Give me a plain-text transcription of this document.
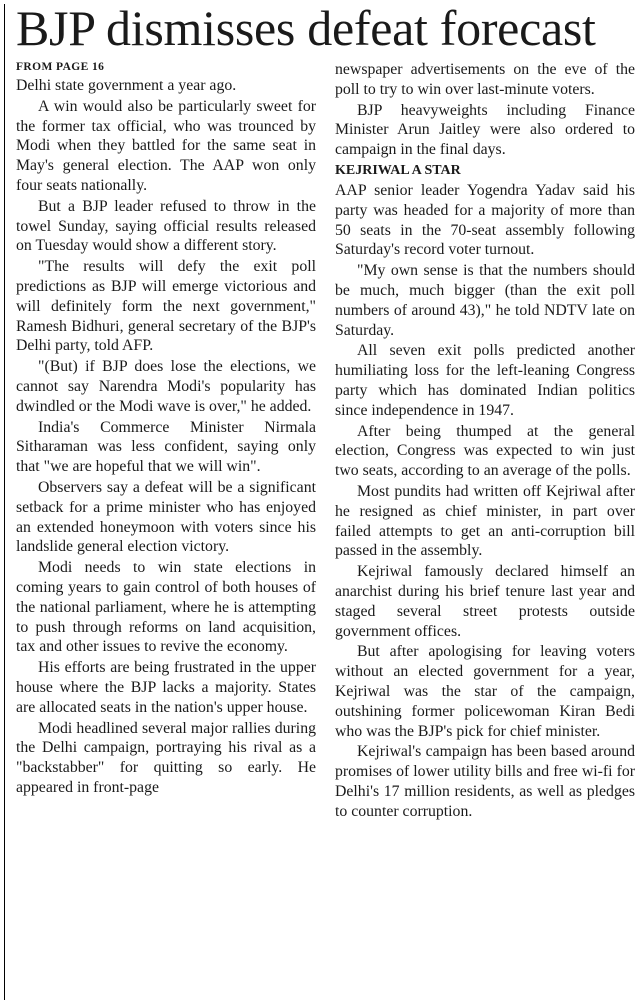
BJP dismisses defeat forecast
FROM PAGE 16

Delhi state government a year ago.

A win would also be particularly sweet for the former tax official, who was trounced by Modi when they battled for the same seat in May's general election. The AAP won only four seats nationally.

But a BJP leader refused to throw in the towel Sunday, saying official results released on Tuesday would show a different story.

"The results will defy the exit poll predictions as BJP will emerge victorious and will definitely form the next government," Ramesh Bidhuri, general secretary of the BJP's Delhi party, told AFP.

"(But) if BJP does lose the elections, we cannot say Narendra Modi's popularity has dwindled or the Modi wave is over," he added.

India's Commerce Minister Nirmala Sitharaman was less confident, saying only that "we are hopeful that we will win".

Observers say a defeat will be a significant setback for a prime minister who has enjoyed an extended honeymoon with voters since his landslide general election victory.

Modi needs to win state elections in coming years to gain control of both houses of the national parliament, where he is attempting to push through reforms on land acquisition, tax and other issues to revive the economy.

His efforts are being frustrated in the upper house where the BJP lacks a majority. States are allocated seats in the nation's upper house.

Modi headlined several major rallies during the Delhi campaign, portraying his rival as a "backstabber" for quitting so early. He appeared in front-page

newspaper advertisements on the eve of the poll to try to win over last-minute voters.

BJP heavyweights including Finance Minister Arun Jaitley were also ordered to campaign in the final days.

KEJRIWAL A STAR

AAP senior leader Yogendra Yadav said his party was headed for a majority of more than 50 seats in the 70-seat assembly following Saturday's record voter turnout.

"My own sense is that the numbers should be much, much bigger (than the exit poll numbers of around 43)," he told NDTV late on Saturday.

All seven exit polls predicted another humiliating loss for the left-leaning Congress party which has dominated Indian politics since independence in 1947.

After being thumped at the general election, Congress was expected to win just two seats, according to an average of the polls.

Most pundits had written off Kejriwal after he resigned as chief minister, in part over failed attempts to get an anti-corruption bill passed in the assembly.

Kejriwal famously declared himself an anarchist during his brief tenure last year and staged several street protests outside government offices.

But after apologising for leaving voters without an elected government for a year, Kejriwal was the star of the campaign, outshining former policewoman Kiran Bedi who was the BJP's pick for chief minister.

Kejriwal's campaign has been based around promises of lower utility bills and free wi-fi for Delhi's 17 million residents, as well as pledges to counter corruption.
